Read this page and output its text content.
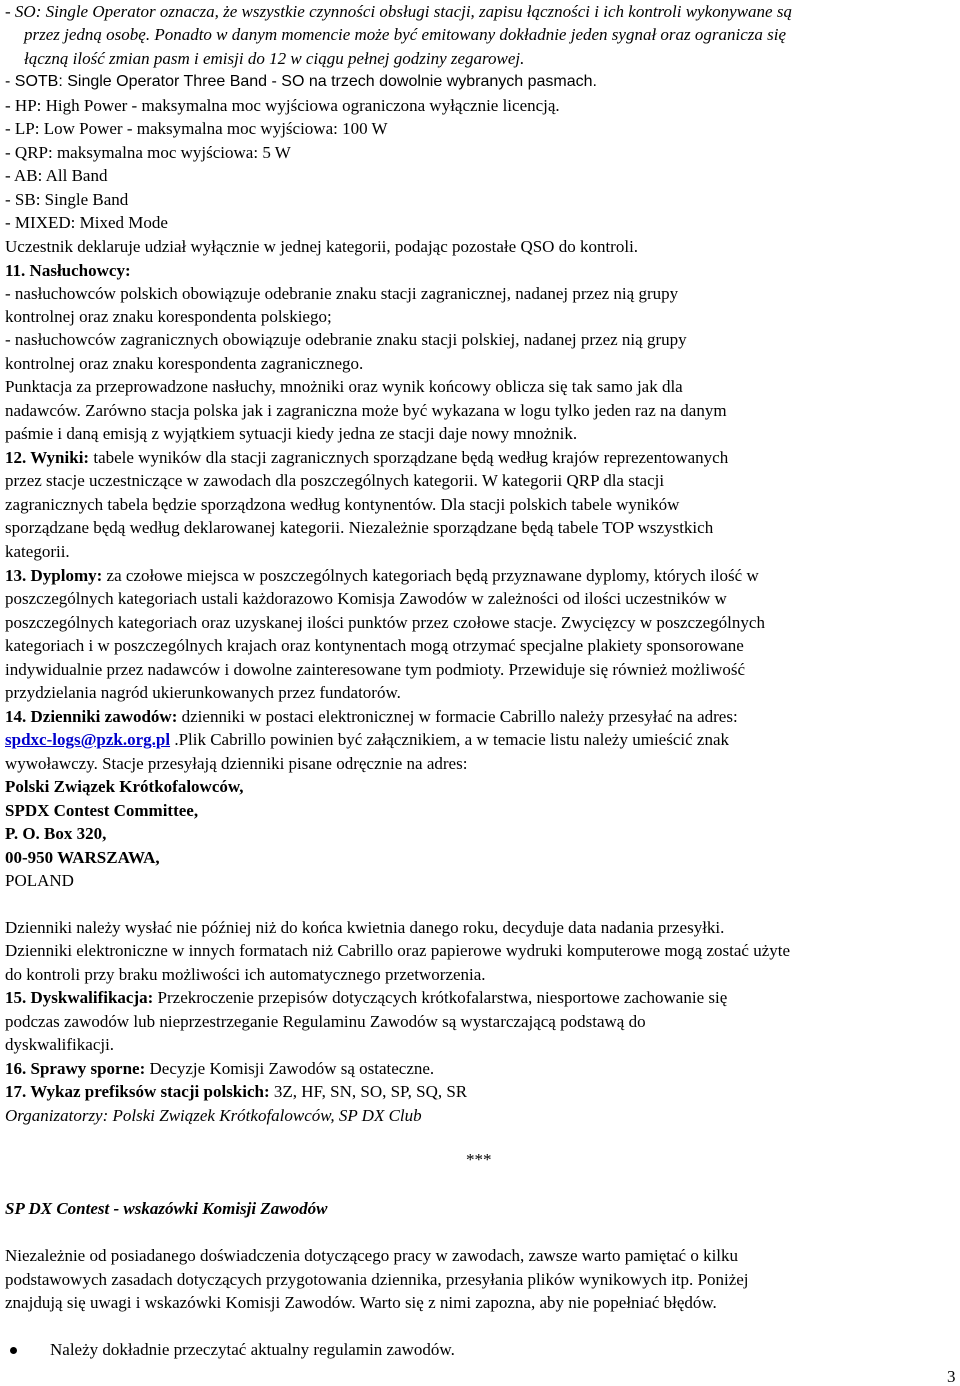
***
Należy dokładnie przeczytać aktualny regulamin zawodów.
3
- SO: Single Operator oznacza, że wszystkie czynności obsługi stacji, zapisu łączności i ich kontroli wykonywane są
przez jedną osobę. Ponadto w danym momencie może być emitowany dokładnie jeden sygnał oraz ogranicza się
łączną ilość zmian pasm i emisji do 12 w ciągu pełnej godziny zegarowej.
- SOTB: Single Operator Three Band - SO na trzech dowolnie wybranych pasmach.
- HP: High Power - maksymalna moc wyjściowa ograniczona wyłącznie licencją.
- LP: Low Power - maksymalna moc wyjściowa: 100 W
- QRP: maksymalna moc wyjściowa: 5 W
- AB: All Band
- SB: Single Band
- MIXED: Mixed Mode
Uczestnik deklaruje udział wyłącznie w jednej kategorii, podając pozostałe QSO do kontroli.
11. Nasłuchowcy:
- nasłuchowców polskich obowiązuje odebranie znaku stacji zagranicznej, nadanej przez nią grupy
kontrolnej oraz znaku korespondenta polskiego;
- nasłuchowców zagranicznych obowiązuje odebranie znaku stacji polskiej, nadanej przez nią grupy
kontrolnej oraz znaku korespondenta zagranicznego.
Punktacja za przeprowadzone nasłuchy, mnożniki oraz wynik końcowy oblicza się tak samo jak dla
nadawców. Zarówno stacja polska jak i zagraniczna może być wykazana w logu tylko jeden raz na danym
paśmie i daną emisją z wyjątkiem sytuacji kiedy jedna ze stacji daje nowy mnożnik.
12. Wyniki: tabele wyników dla stacji zagranicznych sporządzane będą według krajów reprezentowanych
przez stacje uczestniczące w zawodach dla poszczególnych kategorii. W kategorii QRP dla stacji
zagranicznych tabela będzie sporządzona według kontynentów. Dla stacji polskich tabele wyników
sporządzane będą według deklarowanej kategorii. Niezależnie sporządzane będą tabele TOP wszystkich
kategorii.
13. Dyplomy: za czołowe miejsca w poszczególnych kategoriach będą przyznawane dyplomy, których ilość w
poszczególnych kategoriach ustali każdorazowo Komisja Zawodów w zależności od ilości uczestników w
poszczególnych kategoriach oraz uzyskanej ilości punktów przez czołowe stacje. Zwycięzcy w poszczególnych
kategoriach i w poszczególnych krajach oraz kontynentach mogą otrzymać specjalne plakiety sponsorowane
indywidualnie przez nadawców i dowolne zainteresowane tym podmioty. Przewiduje się również możliwość
przydzielania nagród ukierunkowanych przez fundatorów.
14. Dzienniki zawodów: dzienniki w postaci elektronicznej w formacie Cabrillo należy przesyłać na adres:
spdxc-logs@pzk.org.pl .Plik Cabrillo powinien być załącznikiem, a w temacie listu należy umieścić znak
wywoławczy. Stacje przesyłają dzienniki pisane odręcznie na adres:
Polski Związek Krótkofalowców,
SPDX Contest Committee,
P. O. Box 320,
00-950 WARSZAWA,
POLAND
Dzienniki należy wysłać nie później niż do końca kwietnia danego roku, decyduje data nadania przesyłki.
Dzienniki elektroniczne w innych formatach niż Cabrillo oraz papierowe wydruki komputerowe mogą zostać użyte
do kontroli przy braku możliwości ich automatycznego przetworzenia.
15. Dyskwalifikacja: Przekroczenie przepisów dotyczących krótkofalarstwa, niesportowe zachowanie się
podczas zawodów lub nieprzestrzeganie Regulaminu Zawodów są wystarczającą podstawą do
dyskwalifikacji.
16. Sprawy sporne: Decyzje Komisji Zawodów są ostateczne.
17. Wykaz prefiksów stacji polskich: 3Z, HF, SN, SO, SP, SQ, SR
Organizatorzy: Polski Związek Krótkofalowców, SP DX Club
SP DX Contest - wskazówki Komisji Zawodów
Niezależnie od posiadanego doświadczenia dotyczącego pracy w zawodach, zawsze warto pamiętać o kilku
podstawowych zasadach dotyczących przygotowania dziennika, przesyłania plików wynikowych itp. Poniżej
znajdują się uwagi i wskazówki Komisji Zawodów. Warto się z nimi zapozna, aby nie popełniać błędów.
